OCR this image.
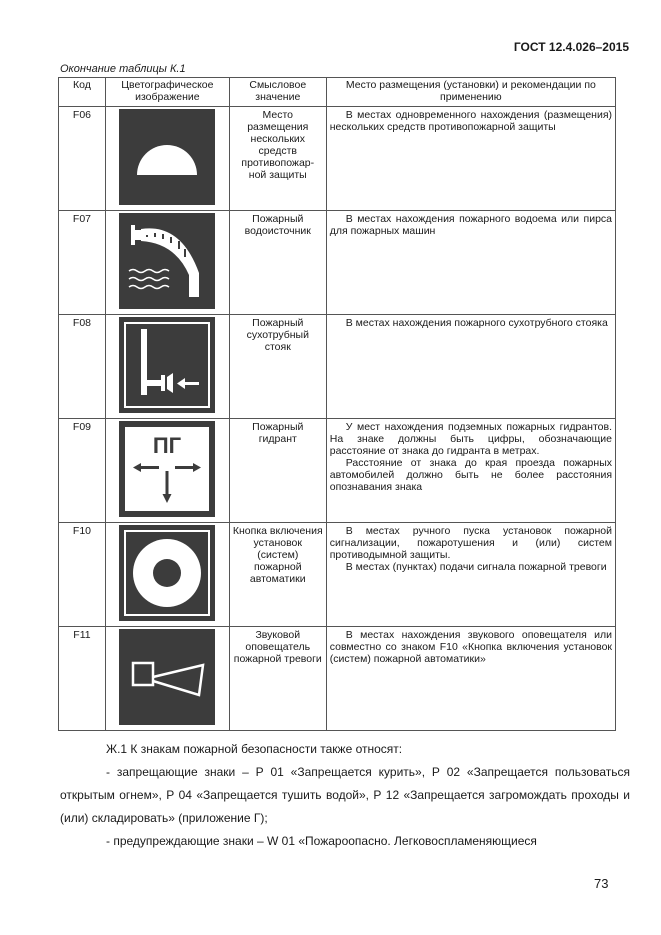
ГОСТ 12.4.026–2015
Окончание таблицы К.1
Код	Цветографическое изображение	Смысловое значение	Место размещения (установки) и рекомендации по применению
F06		Место размещения нескольких средств противопожар-ной защиты	В местах одновременного нахождения (размещения) нескольких средств противопожарной защиты

F07		Пожарный водоисточник	В местах нахождения пожарного водоема или пирса для пожарных машин

F08		Пожарный сухотрубный стояк	В местах нахождения пожарного сухотрубного стояка

F09	ПГ	Пожарный гидрант	У мест нахождения подземных пожарных гидрантов. На знаке должны быть цифры, обозначающие расстояние от знака до гидранта в метрах.

Расстояние от знака до края проезда пожарных автомобилей должно быть не более расстояния опознавания знака

F10		Кнопка включения установок (систем) пожарной автоматики	В местах ручного пуска установок пожарной сигнализации, пожаротушения и (или) систем противодымной защиты.

В местах (пунктах) подачи сигнала пожарной тревоги

F11		Звуковой оповещатель пожарной тревоги	В местах нахождения звукового оповещателя или совместно со знаком F10 «Кнопка включения установок (систем) пожарной автоматики»

Ж.1 К знакам пожарной безопасности также относят:

- запрещающие знаки – Р 01 «Запрещается курить», Р 02 «Запрещается пользоваться открытым огнем», Р 04 «Запрещается тушить водой», Р 12 «Запрещается загромождать проходы и (или) складировать» (приложение Г);

- предупреждающие знаки – W 01 «Пожароопасно. Легковоспламеняющиеся

73
